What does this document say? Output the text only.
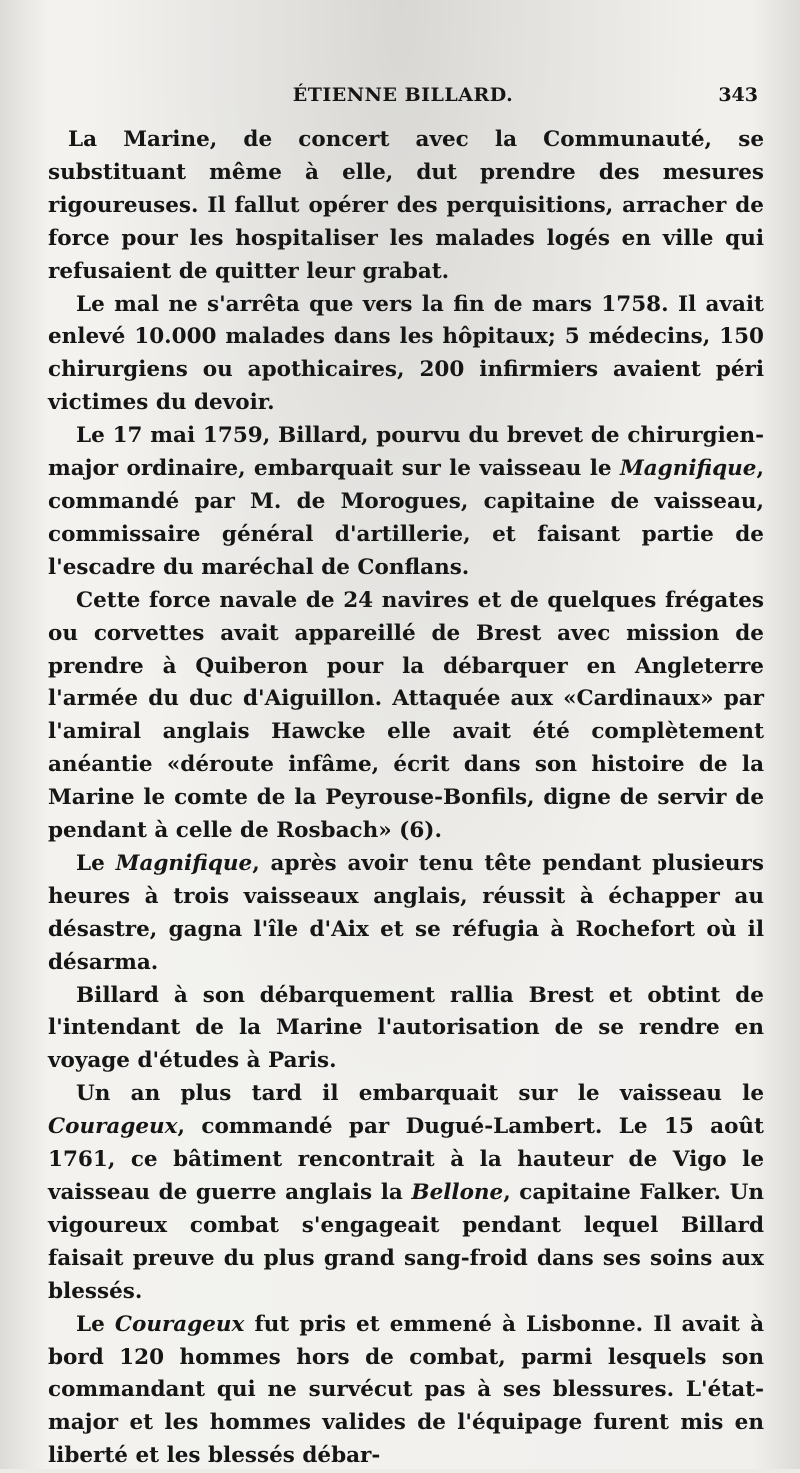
ÉTIENNE BILLARD.	343

La Marine, de concert avec la Communauté, se substituant même à elle, dut prendre des mesures rigoureuses. Il fallut opérer des perquisitions, arracher de force pour les hospitaliser les malades logés en ville qui refusaient de quitter leur grabat.

Le mal ne s'arrêta que vers la fin de mars 1758. Il avait enlevé 10.000 malades dans les hôpitaux; 5 médecins, 150 chirurgiens ou apothicaires, 200 infirmiers avaient péri victimes du devoir.

Le 17 mai 1759, Billard, pourvu du brevet de chirurgien-major ordinaire, embarquait sur le vaisseau le Magnifique, commandé par M. de Morogues, capitaine de vaisseau, commissaire général d'artillerie, et faisant partie de l'escadre du maréchal de Conflans.

Cette force navale de 24 navires et de quelques frégates ou corvettes avait appareillé de Brest avec mission de prendre à Quiberon pour la débarquer en Angleterre l'armée du duc d'Aiguillon. Attaquée aux «Cardinaux» par l'amiral anglais Hawcke elle avait été complètement anéantie «déroute infâme, écrit dans son histoire de la Marine le comte de la Peyrouse-Bonfils, digne de servir de pendant à celle de Rosbach» (6).

Le Magnifique, après avoir tenu tête pendant plusieurs heures à trois vaisseaux anglais, réussit à échapper au désastre, gagna l'île d'Aix et se réfugia à Rochefort où il désarma.

Billard à son débarquement rallia Brest et obtint de l'intendant de la Marine l'autorisation de se rendre en voyage d'études à Paris.

Un an plus tard il embarquait sur le vaisseau le Courageux, commandé par Dugué-Lambert. Le 15 août 1761, ce bâtiment rencontrait à la hauteur de Vigo le vaisseau de guerre anglais la Bellone, capitaine Falker. Un vigoureux combat s'engageait pendant lequel Billard faisait preuve du plus grand sang-froid dans ses soins aux blessés.

Le Courageux fut pris et emmené à Lisbonne. Il avait à bord 120 hommes hors de combat, parmi lesquels son commandant qui ne survécut pas à ses blessures. L'état-major et les hommes valides de l'équipage furent mis en liberté et les blessés débar-
